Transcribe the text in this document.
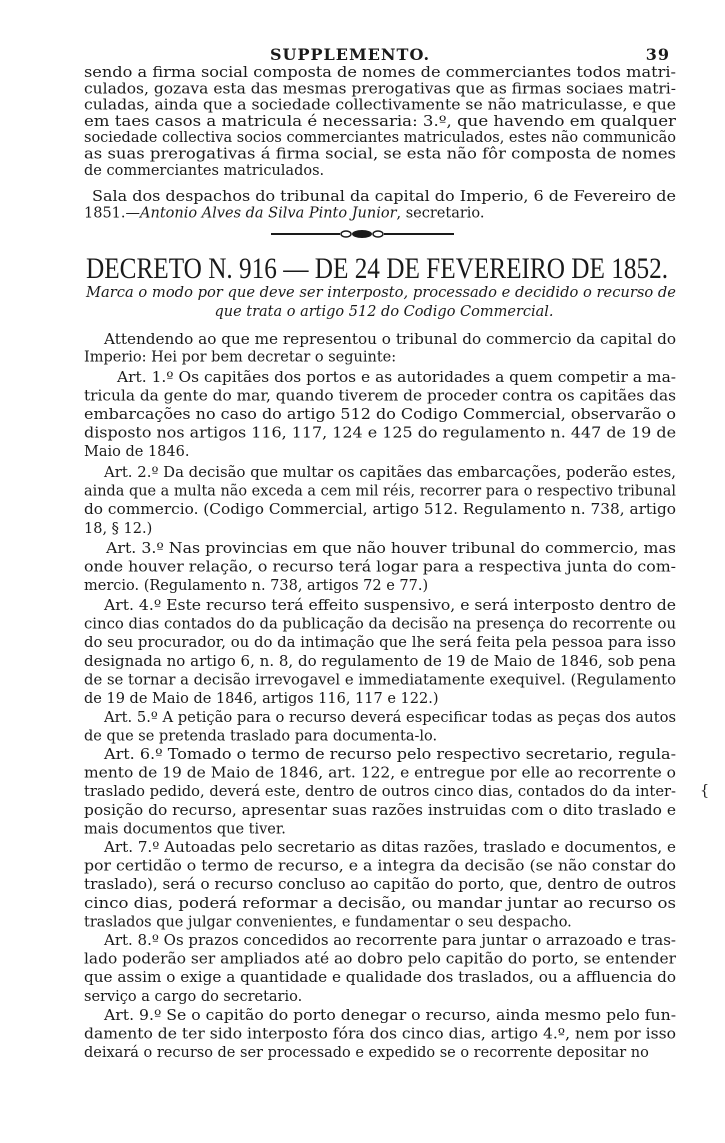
SUPPLEMENTO.	39
DECRETO N. 916 — DE 24 DE FEVEREIRO DE 1852.
Marca o modo por que deve ser interposto, processado e decidido o recurso de
que trata o artigo 512 do Codigo Commercial.
sendo a firma social composta de nomes de commerciantes todos matri-
culados, gozava esta das mesmas prerogativas que as firmas sociaes matri-
culadas, ainda que a sociedade collectivamente se não matriculasse, e que
em taes casos a matricula é necessaria: 3.º, que havendo em qualquer
sociedade collectiva socios commerciantes matriculados, estes não communicão
as suas prerogativas á firma social, se esta não fôr composta de nomes
de commerciantes matriculados.
Sala dos despachos do tribunal da capital do Imperio, 6 de Fevereiro de
1851.—Antonio Alves da Silva Pinto Junior, secretario.
Attendendo ao que me representou o tribunal do commercio da capital do
Imperio: Hei por bem decretar o seguinte:
Art. 1.º Os capitães dos portos e as autoridades a quem competir a ma-
tricula da gente do mar, quando tiverem de proceder contra os capitães das
embarcações no caso do artigo 512 do Codigo Commercial, observarão o
disposto nos artigos 116, 117, 124 e 125 do regulamento n. 447 de 19 de
Maio de 1846.
Art. 2.º Da decisão que multar os capitães das embarcações, poderão estes,
ainda que a multa não exceda a cem mil réis, recorrer para o respectivo tribunal
do commercio. (Codigo Commercial, artigo 512. Regulamento n. 738, artigo
18, § 12.)
Art. 3.º Nas provincias em que não houver tribunal do commercio, mas
onde houver relação, o recurso terá logar para a respectiva junta do com-
mercio. (Regulamento n. 738, artigos 72 e 77.)
Art. 4.º Este recurso terá effeito suspensivo, e será interposto dentro de
cinco dias contados do da publicação da decisão na presença do recorrente ou
do seu procurador, ou do da intimação que lhe será feita pela pessoa para isso
designada no artigo 6, n. 8, do regulamento de 19 de Maio de 1846, sob pena
de se tornar a decisão irrevogavel e immediatamente exequivel. (Regulamento
de 19 de Maio de 1846, artigos 116, 117 e 122.)
Art. 5.º A petição para o recurso deverá especificar todas as peças dos autos
de que se pretenda traslado para documenta-lo.
Art. 6.º Tomado o termo de recurso pelo respectivo secretario, regula-
mento de 19 de Maio de 1846, art. 122, e entregue por elle ao recorrente o
traslado pedido, deverá este, dentro de outros cinco dias, contados do da inter-
posição do recurso, apresentar suas razões instruidas com o dito traslado e
mais documentos que tiver.
Art. 7.º Autoadas pelo secretario as ditas razões, traslado e documentos, e
por certidão o termo de recurso, e a integra da decisão (se não constar do
traslado), será o recurso concluso ao capitão do porto, que, dentro de outros
cinco dias, poderá reformar a decisão, ou mandar juntar ao recurso os
traslados que julgar convenientes, e fundamentar o seu despacho.
Art. 8.º Os prazos concedidos ao recorrente para juntar o arrazoado e tras-
lado poderão ser ampliados até ao dobro pelo capitão do porto, se entender
que assim o exige a quantidade e qualidade dos traslados, ou a affluencia do
serviço a cargo do secretario.
Art. 9.º Se o capitão do porto denegar o recurso, ainda mesmo pelo fun-
damento de ter sido interposto fóra dos cinco dias, artigo 4.º, nem por isso
deixará o recurso de ser processado e expedido se o recorrente depositar no
{
